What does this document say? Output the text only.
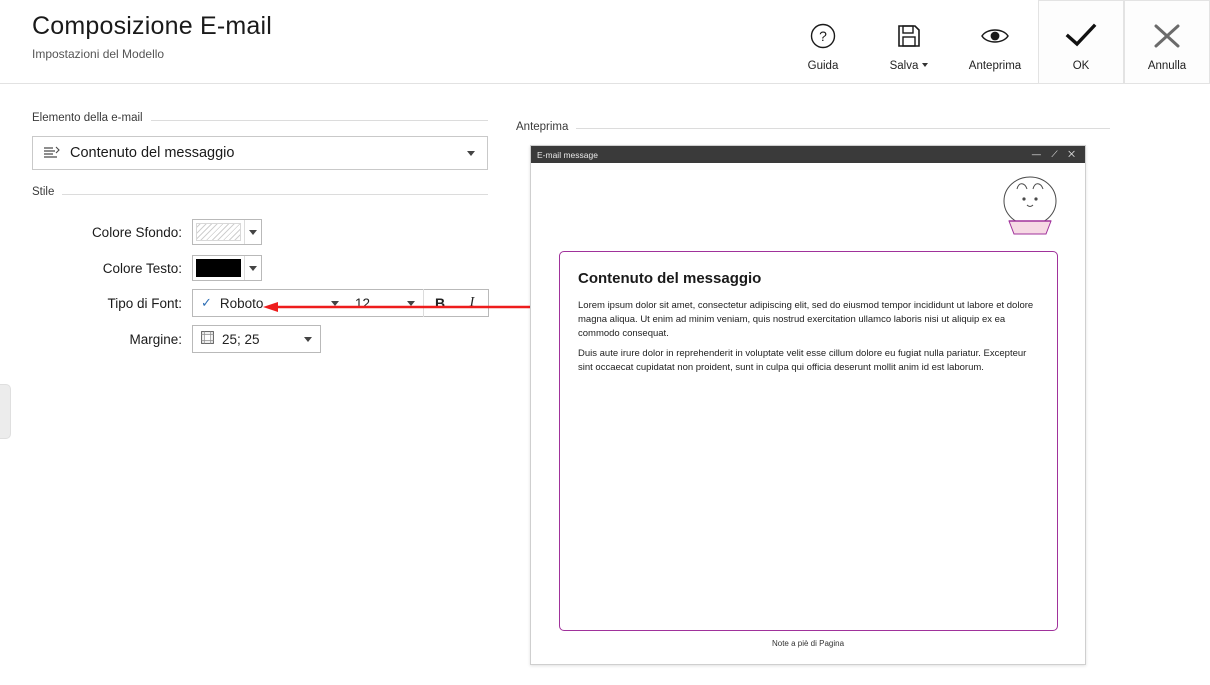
Composizione E-mail
Impostazioni del Modello
?
Guida	Salva	Anteprima	OK	Annulla
Elemento della e-mail
Contenuto del messaggio
Stile
Colore Sfondo:
Colore Testo:
Tipo di Font: ✓ Roboto	12	B	I
Margine:	25; 25
Anteprima
E-mail message	— ⟋ ✕
Contenuto del messaggio

Lorem ipsum dolor sit amet, consectetur adipiscing elit, sed do eiusmod tempor incididunt ut labore et dolore magna aliqua. Ut enim ad minim veniam, quis nostrud exercitation ullamco laboris nisi ut aliquip ex ea commodo consequat.

Duis aute irure dolor in reprehenderit in voluptate velit esse cillum dolore eu fugiat nulla pariatur. Excepteur sint occaecat cupidatat non proident, sunt in culpa qui officia deserunt mollit anim id est laborum.

Note a piè di Pagina
